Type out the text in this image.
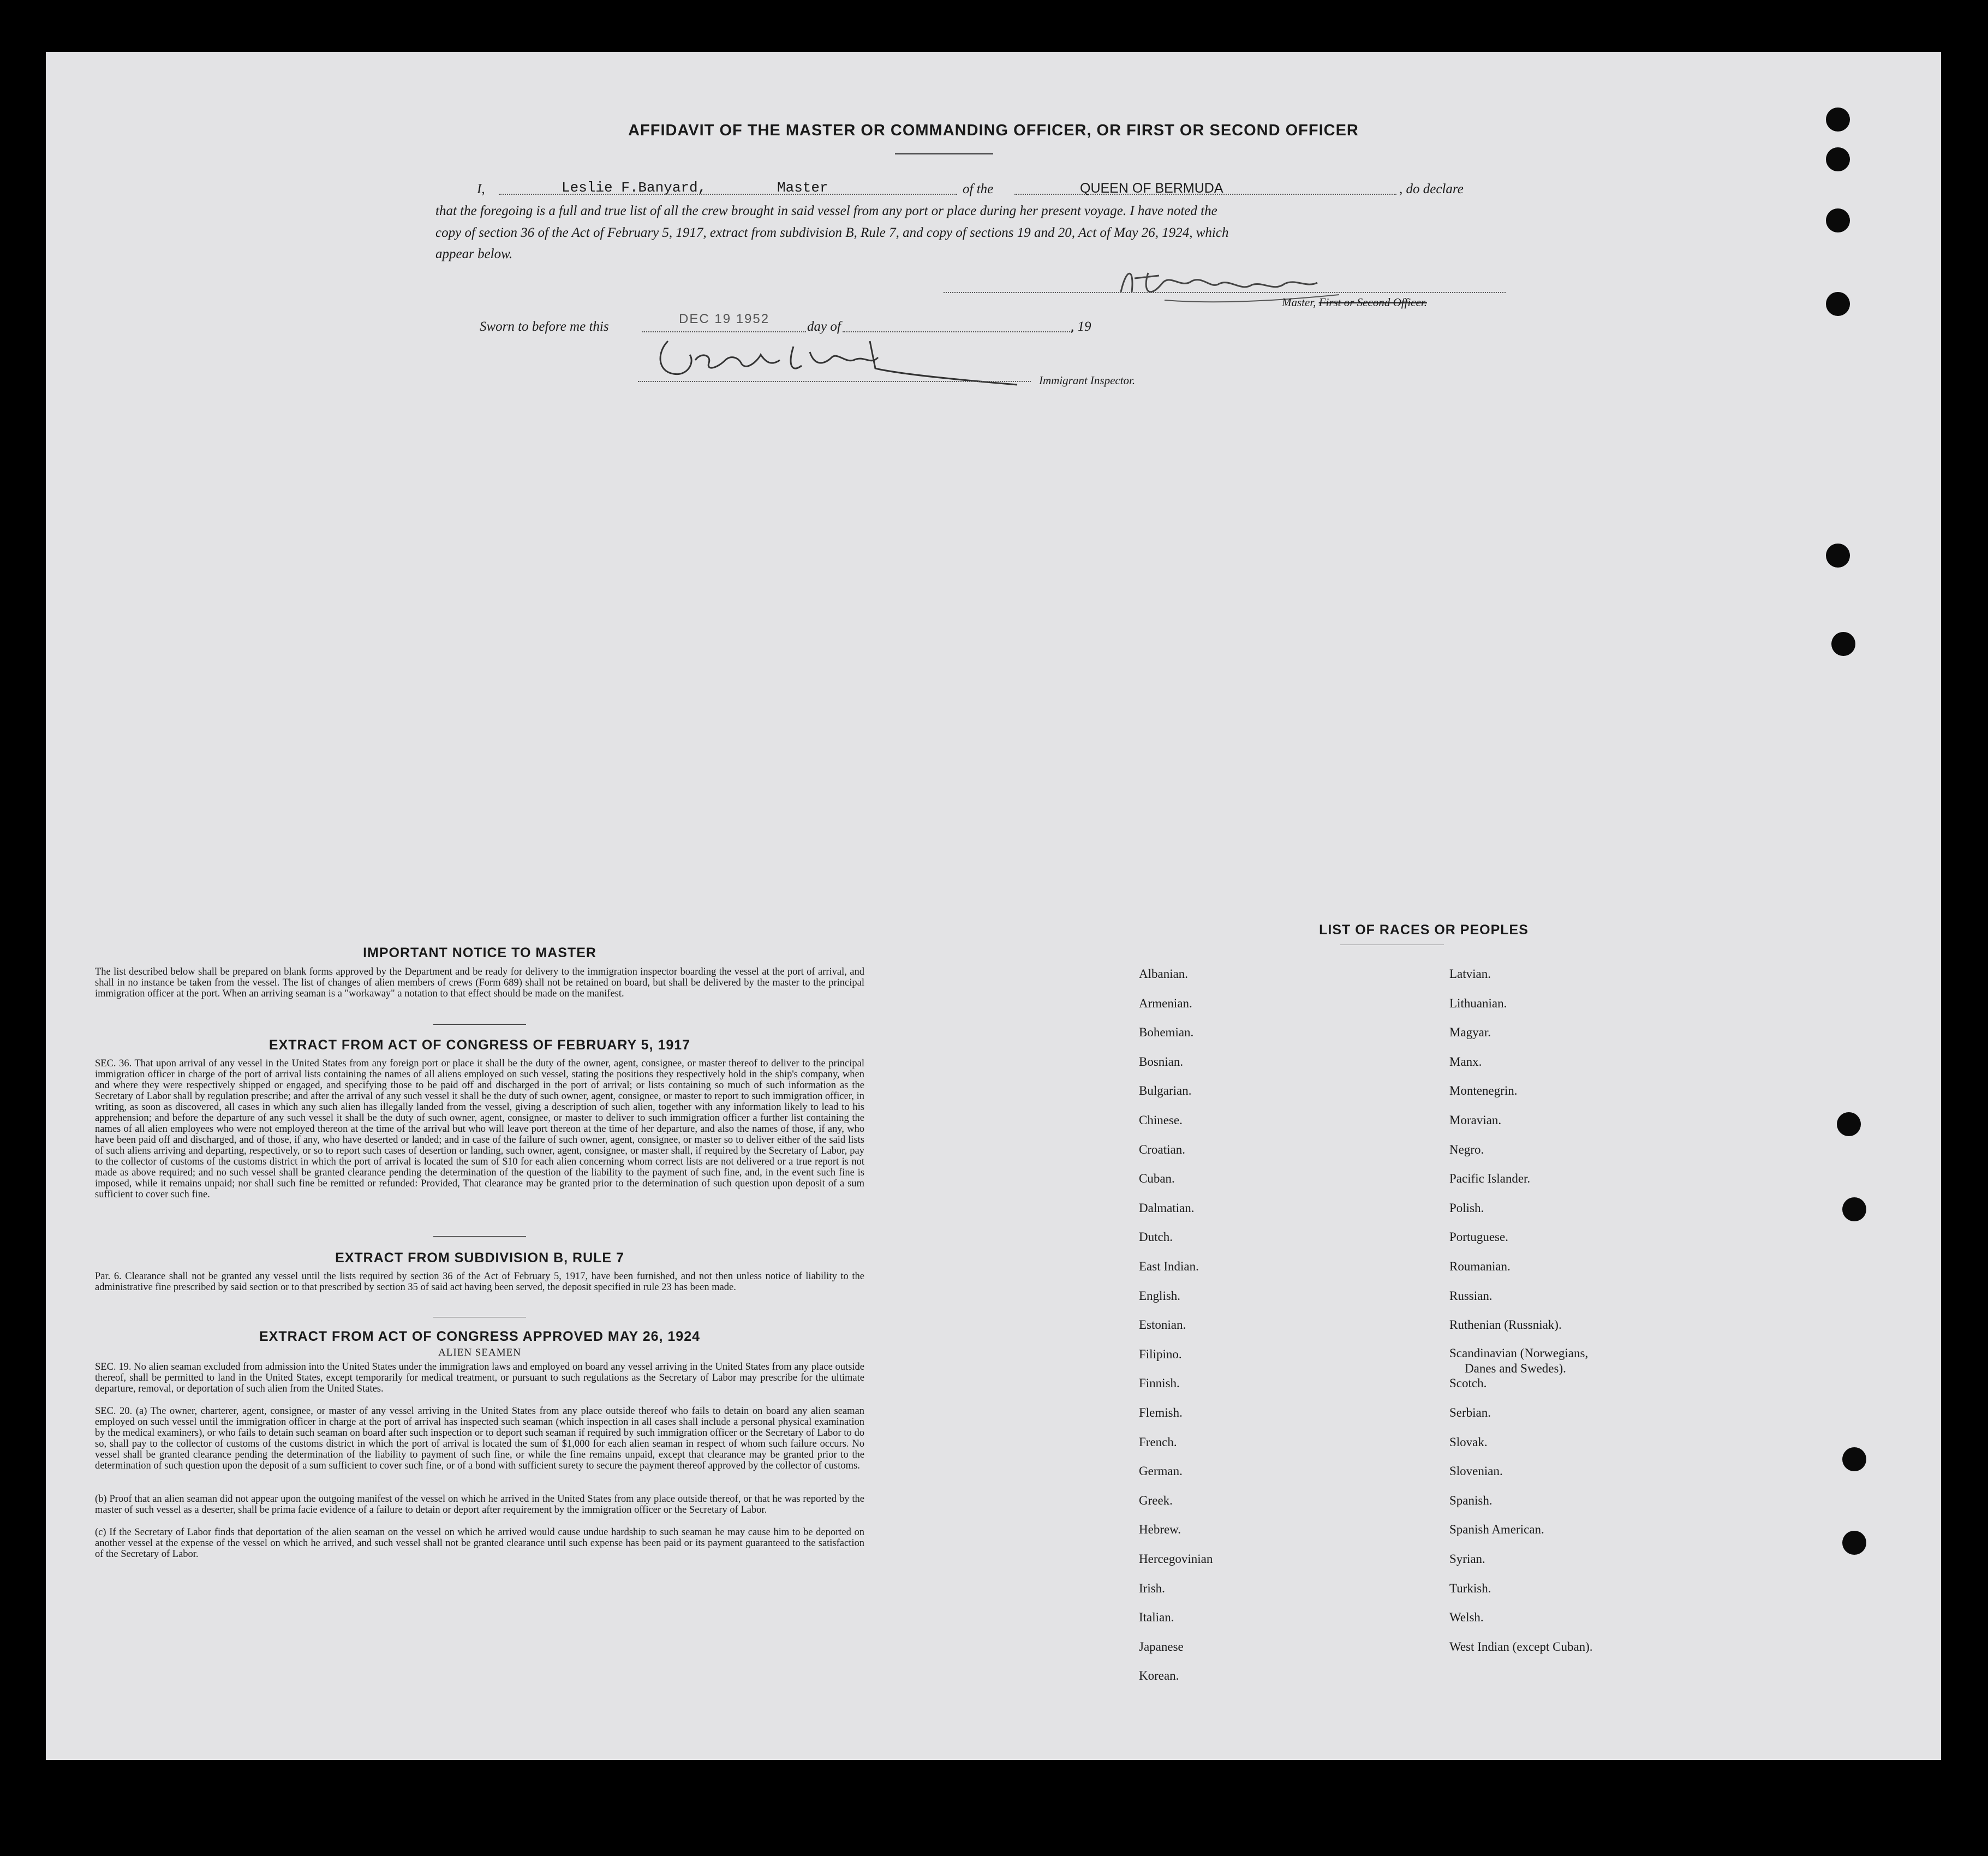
AFFIDAVIT OF THE MASTER OR COMMANDING OFFICER, OR FIRST OR SECOND OFFICER
I,	Leslie F.Banyard,	Master	of the	QUEEN OF BERMUDA	, do declare
that the foregoing is a full and true list of all the crew brought in said vessel from any port or place during her present voyage. I have noted the
copy of section 36 of the Act of February 5, 1917, extract from subdivision B, Rule 7, and copy of sections 19 and 20, Act of May 26, 1924, which
appear below.
Master, First or Second Officer.
Sworn to before me this
DEC 19 1952
day of	, 19
Immigrant Inspector.
IMPORTANT NOTICE TO MASTER
The list described below shall be prepared on blank forms approved by the Department and be ready for delivery to the immigration inspector boarding the vessel at the port of arrival, and shall in no instance be taken from the vessel. The list of changes of alien members of crews (Form 689) shall not be retained on board, but shall be delivered by the master to the principal immigration officer at the port. When an arriving seaman is a "workaway" a notation to that effect should be made on the manifest.
EXTRACT FROM ACT OF CONGRESS OF FEBRUARY 5, 1917
SEC. 36. That upon arrival of any vessel in the United States from any foreign port or place it shall be the duty of the owner, agent, consignee, or master thereof to deliver to the principal immigration officer in charge of the port of arrival lists containing the names of all aliens employed on such vessel, stating the positions they respectively hold in the ship's company, when and where they were respectively shipped or engaged, and specifying those to be paid off and discharged in the port of arrival; or lists containing so much of such information as the Secretary of Labor shall by regulation prescribe; and after the arrival of any such vessel it shall be the duty of such owner, agent, consignee, or master to report to such immigration officer, in writing, as soon as discovered, all cases in which any such alien has illegally landed from the vessel, giving a description of such alien, together with any information likely to lead to his apprehension; and before the departure of any such vessel it shall be the duty of such owner, agent, consignee, or master to deliver to such immigration officer a further list containing the names of all alien employees who were not employed thereon at the time of the arrival but who will leave port thereon at the time of her departure, and also the names of those, if any, who have been paid off and discharged, and of those, if any, who have deserted or landed; and in case of the failure of such owner, agent, consignee, or master so to deliver either of the said lists of such aliens arriving and departing, respectively, or so to report such cases of desertion or landing, such owner, agent, consignee, or master shall, if required by the Secretary of Labor, pay to the collector of customs of the customs district in which the port of arrival is located the sum of $10 for each alien concerning whom correct lists are not delivered or a true report is not made as above required; and no such vessel shall be granted clearance pending the determination of the question of the liability to the payment of such fine, and, in the event such fine is imposed, while it remains unpaid; nor shall such fine be remitted or refunded: Provided, That clearance may be granted prior to the determination of such question upon deposit of a sum sufficient to cover such fine.
EXTRACT FROM SUBDIVISION B, RULE 7
Par. 6. Clearance shall not be granted any vessel until the lists required by section 36 of the Act of February 5, 1917, have been furnished, and not then unless notice of liability to the administrative fine prescribed by said section or to that prescribed by section 35 of said act having been served, the deposit specified in rule 23 has been made.
EXTRACT FROM ACT OF CONGRESS APPROVED MAY 26, 1924
ALIEN SEAMEN
SEC. 19. No alien seaman excluded from admission into the United States under the immigration laws and employed on board any vessel arriving in the United States from any place outside thereof, shall be permitted to land in the United States, except temporarily for medical treatment, or pursuant to such regulations as the Secretary of Labor may prescribe for the ultimate departure, removal, or deportation of such alien from the United States.
SEC. 20. (a) The owner, charterer, agent, consignee, or master of any vessel arriving in the United States from any place outside thereof who fails to detain on board any alien seaman employed on such vessel until the immigration officer in charge at the port of arrival has inspected such seaman (which inspection in all cases shall include a personal physical examination by the medical examiners), or who fails to detain such seaman on board after such inspection or to deport such seaman if required by such immigration officer or the Secretary of Labor to do so, shall pay to the collector of customs of the customs district in which the port of arrival is located the sum of $1,000 for each alien seaman in respect of whom such failure occurs. No vessel shall be granted clearance pending the determination of the liability to payment of such fine, or while the fine remains unpaid, except that clearance may be granted prior to the determination of such question upon the deposit of a sum sufficient to cover such fine, or of a bond with sufficient surety to secure the payment thereof approved by the collector of customs.
(b) Proof that an alien seaman did not appear upon the outgoing manifest of the vessel on which he arrived in the United States from any place outside thereof, or that he was reported by the master of such vessel as a deserter, shall be prima facie evidence of a failure to detain or deport after requirement by the immigration officer or the Secretary of Labor.
(c) If the Secretary of Labor finds that deportation of the alien seaman on the vessel on which he arrived would cause undue hardship to such seaman he may cause him to be deported on another vessel at the expense of the vessel on which he arrived, and such vessel shall not be granted clearance until such expense has been paid or its payment guaranteed to the satisfaction of the Secretary of Labor.
LIST OF RACES OR PEOPLES
Albanian.
Armenian.
Bohemian.
Bosnian.
Bulgarian.
Chinese.
Croatian.
Cuban.
Dalmatian.
Dutch.
East Indian.
English.
Estonian.
Filipino.
Finnish.
Flemish.
French.
German.
Greek.
Hebrew.
Hercegovinian
Irish.
Italian.
Japanese
Korean.
Latvian.
Lithuanian.
Magyar.
Manx.
Montenegrin.
Moravian.
Negro.
Pacific Islander.
Polish.
Portuguese.
Roumanian.
Russian.
Ruthenian (Russniak).
Scandinavian (Norwegians,
Danes and Swedes).
Scotch.
Serbian.
Slovak.
Slovenian.
Spanish.
Spanish American.
Syrian.
Turkish.
Welsh.
West Indian (except Cuban).
